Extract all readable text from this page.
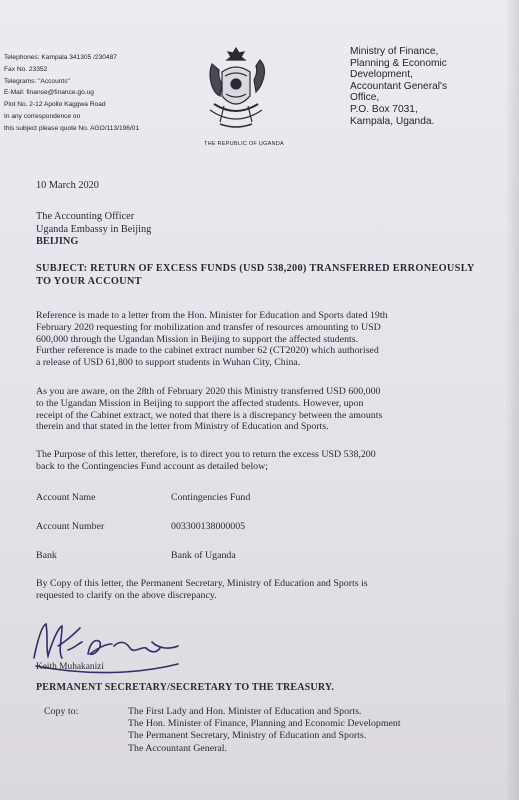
Telephones: Kampala 341305 /230487
Fax No. 23352
Telegrams: "Accounts"
E-Mail: finanse@finance.go.ug
Plot No. 2-12 Apollo Kaggwa Road
In any correspondence on
this subject please quote No. AGO/113/196/01
THE REPUBLIC OF UGANDA
Ministry of Finance,
Planning & Economic
Development,
Accountant General's
Office,
P.O. Box 7031,
Kampala, Uganda.
10 March 2020
The Accounting Officer
Uganda Embassy in Beijing
BEIJING
SUBJECT: RETURN OF EXCESS FUNDS (USD 538,200) TRANSFERRED ERRONEOUSLY TO YOUR ACCOUNT
Reference is made to a letter from the Hon. Minister for Education and Sports dated 19th
February 2020 requesting for mobilization and transfer of resources amounting to USD
600,000 through the Ugandan Mission in Beijing to support the affected students.
Further reference is made to the cabinet extract number 62 (CT2020) which authorised
a release of USD 61,800 to support students in Wuhan City, China.
As you are aware, on the 28th of February 2020 this Ministry transferred USD 600,000
to the Ugandan Mission in Beijing to support the affected students. However, upon
receipt of the Cabinet extract, we noted that there is a discrepancy between the amounts
therein and that stated in the letter from Ministry of Education and Sports.
The Purpose of this letter, therefore, is to direct you to return the excess USD 538,200
back to the Contingencies Fund account as detailed below;
Account Name	Contingencies Fund
Account Number	003300138000005
Bank	Bank of Uganda
By Copy of this letter, the Permanent Secretary, Ministry of Education and Sports is
requested to clarify on the above discrepancy.
Keith Muhakanizi
PERMANENT SECRETARY/SECRETARY TO THE TREASURY.
Copy to:	The First Lady and Hon. Minister of Education and Sports.
The Hon. Minister of Finance, Planning and Economic Development
The Permanent Secretary, Ministry of Education and Sports.
The Accountant General.
